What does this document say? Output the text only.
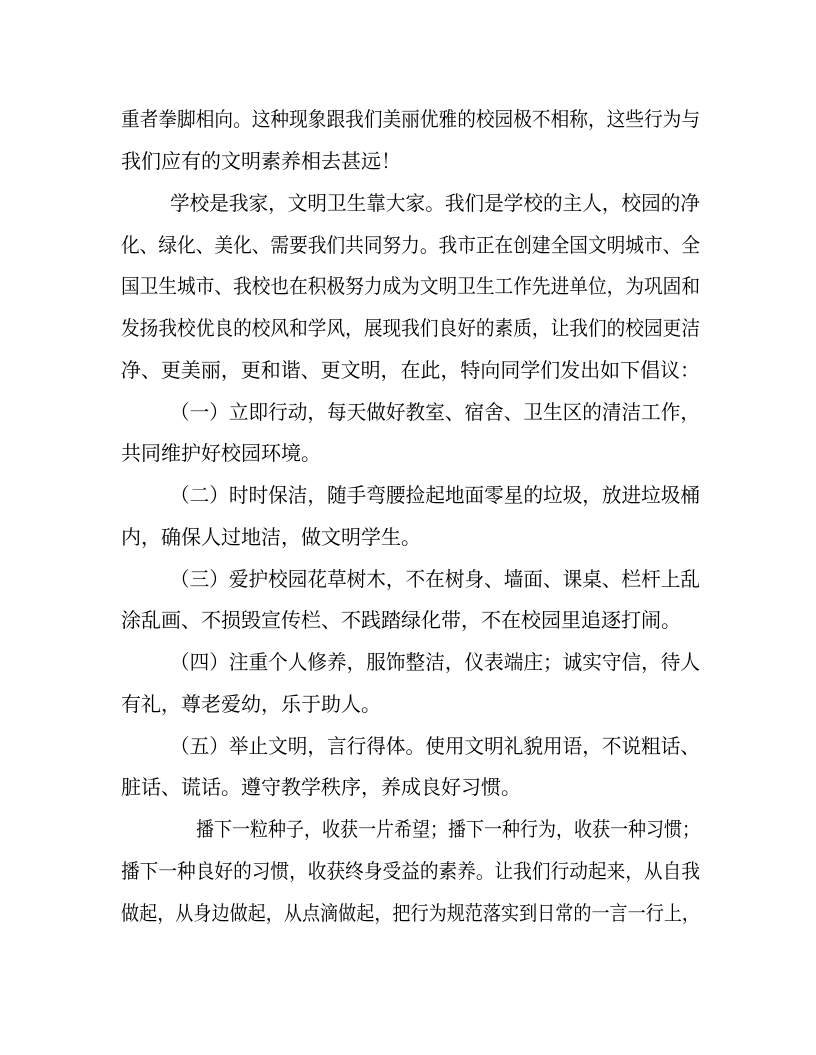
重者拳脚相向。这种现象跟我们美丽优雅的校园极不相称，这些行为与
我们应有的文明素养相去甚远！
学校是我家，文明卫生靠大家。我们是学校的主人，校园的净
化、绿化、美化、需要我们共同努力。我市正在创建全国文明城市、全
国卫生城市、我校也在积极努力成为文明卫生工作先进单位，为巩固和
发扬我校优良的校风和学风，展现我们良好的素质，让我们的校园更洁
净、更美丽，更和谐、更文明，在此，特向同学们发出如下倡议：
（一）立即行动，每天做好教室、宿舍、卫生区的清洁工作，
共同维护好校园环境。
（二）时时保洁，随手弯腰捡起地面零星的垃圾，放进垃圾桶
内，确保人过地洁，做文明学生。
（三）爱护校园花草树木，不在树身、墙面、课桌、栏杆上乱
涂乱画、不损毁宣传栏、不践踏绿化带，不在校园里追逐打闹。
（四）注重个人修养，服饰整洁，仪表端庄；诚实守信，待人
有礼，尊老爱幼，乐于助人。
（五）举止文明，言行得体。使用文明礼貌用语，不说粗话、
脏话、谎话。遵守教学秩序，养成良好习惯。
播下一粒种子，收获一片希望；播下一种行为，收获一种习惯；
播下一种良好的习惯，收获终身受益的素养。让我们行动起来，从自我
做起，从身边做起，从点滴做起，把行为规范落实到日常的一言一行上，
